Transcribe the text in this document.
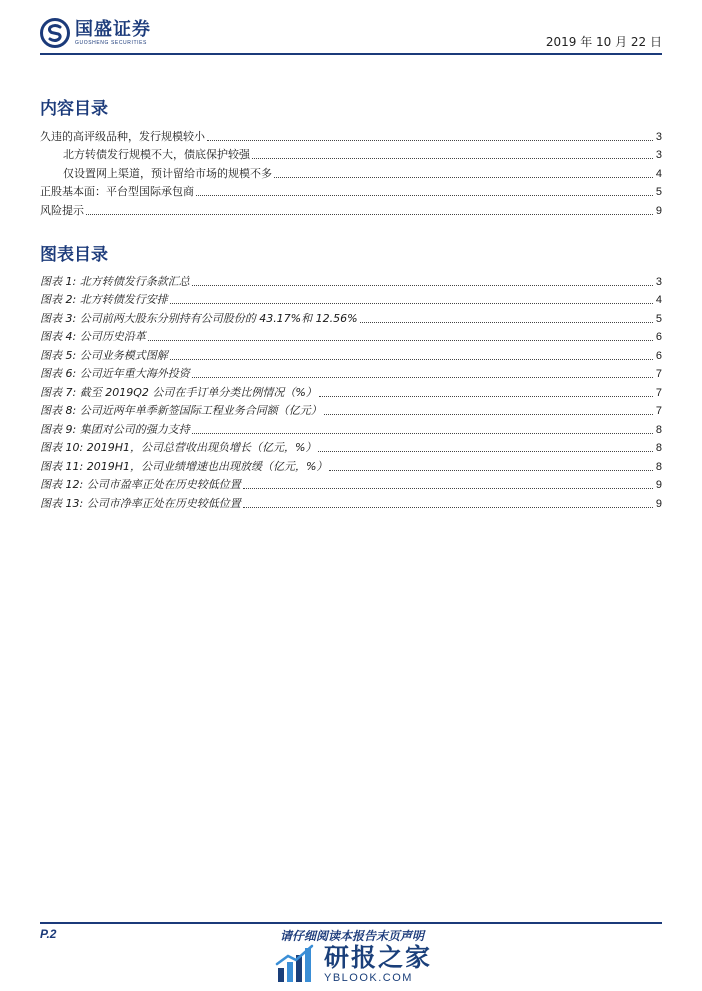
国盛证券
GUOSHENG SECURITIES	2019 年 10 月 22 日
内容目录
久违的高评级品种，发行规模较小	3
北方转债发行规模不大，债底保护较强	3
仅设置网上渠道，预计留给市场的规模不多	4
正股基本面：平台型国际承包商	5
风险提示	9
图表目录
图表 1: 北方转债发行条款汇总	3
图表 2: 北方转债发行安排	4
图表 3: 公司前两大股东分别持有公司股份的 43.17%和 12.56%	5
图表 4: 公司历史沿革	6
图表 5: 公司业务模式图解	6
图表 6: 公司近年重大海外投资	7
图表 7: 截至 2019Q2 公司在手订单分类比例情况（%）	7
图表 8: 公司近两年单季新签国际工程业务合同额（亿元）	7
图表 9: 集团对公司的强力支持	8
图表 10: 2019H1，公司总营收出现负增长（亿元，%）	8
图表 11: 2019H1，公司业绩增速也出现放缓（亿元，%）	8
图表 12: 公司市盈率正处在历史较低位置	9
图表 13: 公司市净率正处在历史较低位置	9
P.2	请仔细阅读本报告末页声明
研报之家
YBLOOK.COM
